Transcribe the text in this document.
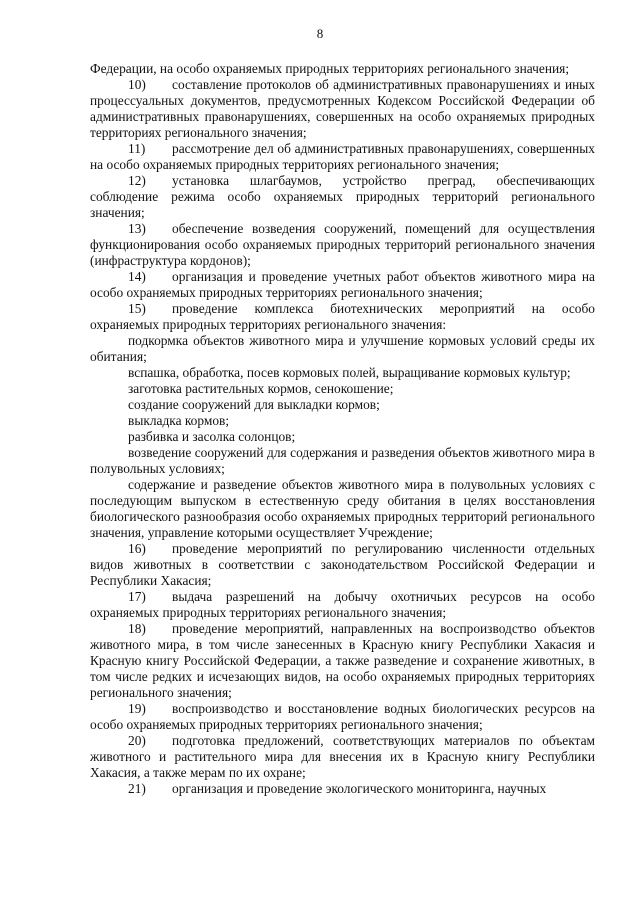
8

Федерации, на особо охраняемых природных территориях регионального значения;

10) составление протоколов об административных правонарушениях и иных процессуальных документов, предусмотренных Кодексом Российской Федерации об административных правонарушениях, совершенных на особо охраняемых природных территориях регионального значения;

11) рассмотрение дел об административных правонарушениях, совершенных на особо охраняемых природных территориях регионального значения;

12) установка шлагбаумов, устройство преград, обеспечивающих соблюдение режима особо охраняемых природных территорий регионального значения;

13) обеспечение возведения сооружений, помещений для осуществления функционирования особо охраняемых природных территорий регионального значения (инфраструктура кордонов);

14) организация и проведение учетных работ объектов животного мира на особо охраняемых природных территориях регионального значения;

15) проведение комплекса биотехнических мероприятий на особо охраняемых природных территориях регионального значения:

подкормка объектов животного мира и улучшение кормовых условий среды их обитания;

вспашка, обработка, посев кормовых полей, выращивание кормовых культур;

заготовка растительных кормов, сенокошение;

создание сооружений для выкладки кормов;

выкладка кормов;

разбивка и засолка солонцов;

возведение сооружений для содержания и разведения объектов животного мира в полувольных условиях;

содержание и разведение объектов животного мира в полувольных условиях с последующим выпуском в естественную среду обитания в целях восстановления биологического разнообразия особо охраняемых природных территорий регионального значения, управление которыми осуществляет Учреждение;

16) проведение мероприятий по регулированию численности отдельных видов животных в соответствии с законодательством Российской Федерации и Республики Хакасия;

17) выдача разрешений на добычу охотничьих ресурсов на особо охраняемых природных территориях регионального значения;

18) проведение мероприятий, направленных на воспроизводство объектов животного мира, в том числе занесенных в Красную книгу Республики Хакасия и Красную книгу Российской Федерации, а также разведение и сохранение животных, в том числе редких и исчезающих видов, на особо охраняемых природных территориях регионального значения;

19) воспроизводство и восстановление водных биологических ресурсов на особо охраняемых природных территориях регионального значения;

20) подготовка предложений, соответствующих материалов по объектам животного и растительного мира для внесения их в Красную книгу Республики Хакасия, а также мерам по их охране;

21) организация и проведение экологического мониторинга, научных
